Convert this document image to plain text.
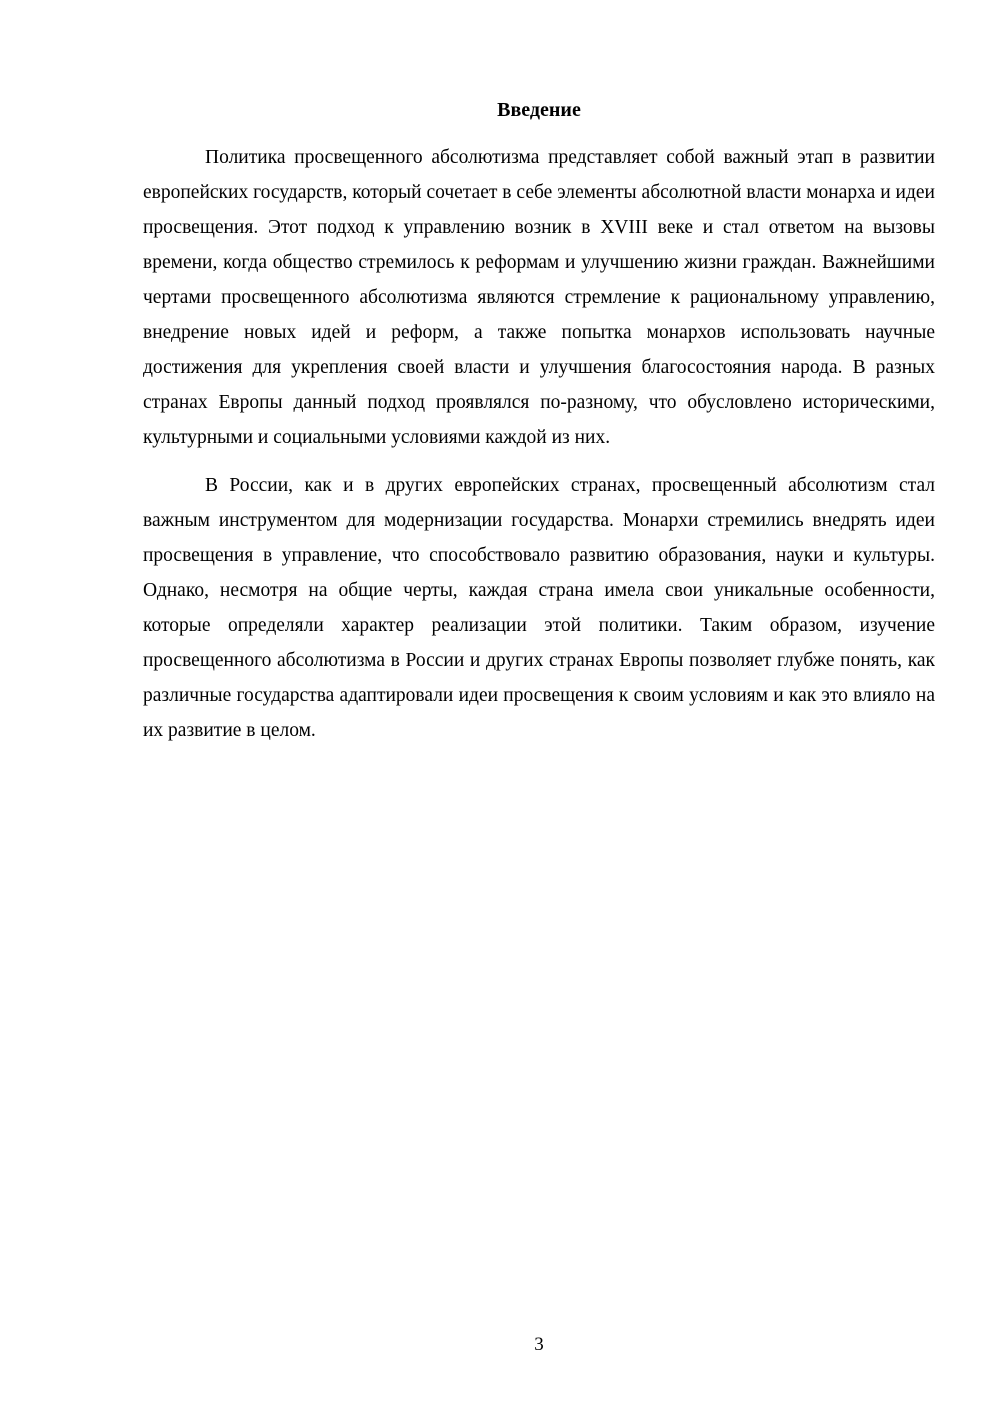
Введение

Политика просвещенного абсолютизма представляет собой важный этап в развитии европейских государств, который сочетает в себе элементы абсолютной власти монарха и идеи просвещения. Этот подход к управлению возник в XVIII веке и стал ответом на вызовы времени, когда общество стремилось к реформам и улучшению жизни граждан. Важнейшими чертами просвещенного абсолютизма являются стремление к рациональному управлению, внедрение новых идей и реформ, а также попытка монархов использовать научные достижения для укрепления своей власти и улучшения благосостояния народа. В разных странах Европы данный подход проявлялся по-разному, что обусловлено историческими, культурными и социальными условиями каждой из них.

В России, как и в других европейских странах, просвещенный абсолютизм стал важным инструментом для модернизации государства. Монархи стремились внедрять идеи просвещения в управление, что способствовало развитию образования, науки и культуры. Однако, несмотря на общие черты, каждая страна имела свои уникальные особенности, которые определяли характер реализации этой политики. Таким образом, изучение просвещенного абсолютизма в России и других странах Европы позволяет глубже понять, как различные государства адаптировали идеи просвещения к своим условиям и как это влияло на их развитие в целом.

3
